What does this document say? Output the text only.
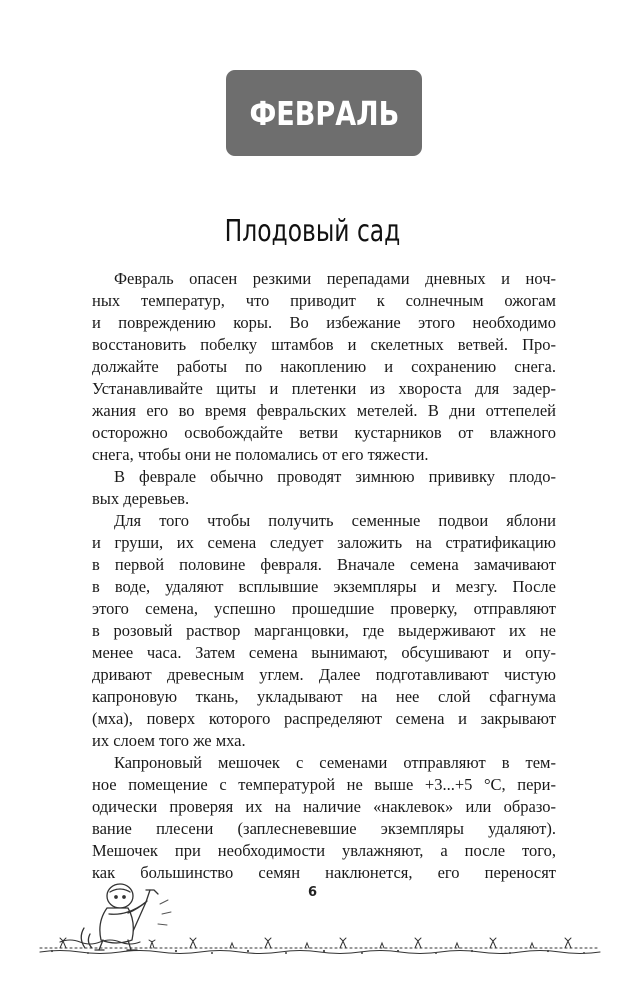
ФЕВРАЛЬ
Плодовый сад
Февраль опасен резкими перепадами дневных и ноч-
ных температур, что приводит к солнечным ожогам
и повреждению коры. Во избежание этого необходимо
восстановить побелку штамбов и скелетных ветвей. Про-
должайте работы по накоплению и сохранению снега.
Устанавливайте щиты и плетенки из хвороста для задер-
жания его во время февральских метелей. В дни оттепелей
осторожно освобождайте ветви кустарников от влажного
снега, чтобы они не поломались от его тяжести.
В феврале обычно проводят зимнюю прививку плодо-
вых деревьев.
Для того чтобы получить семенные подвои яблони
и груши, их семена следует заложить на стратификацию
в первой половине февраля. Вначале семена замачивают
в воде, удаляют всплывшие экземпляры и мезгу. После
этого семена, успешно прошедшие проверку, отправляют
в розовый раствор марганцовки, где выдерживают их не
менее часа. Затем семена вынимают, обсушивают и опу-
дривают древесным углем. Далее подготавливают чистую
капроновую ткань, укладывают на нее слой сфагнума
(мха), поверх которого распределяют семена и закрывают
их слоем того же мха.
Капроновый мешочек с семенами отправляют в тем-
ное помещение с температурой не выше +3...+5 °С, пери-
одически проверяя их на наличие «наклевок» или образо-
вание плесени (заплесневевшие экземпляры удаляют).
Мешочек при необходимости увлажняют, а после того,
как большинство семян наклюнется, его переносят
6
